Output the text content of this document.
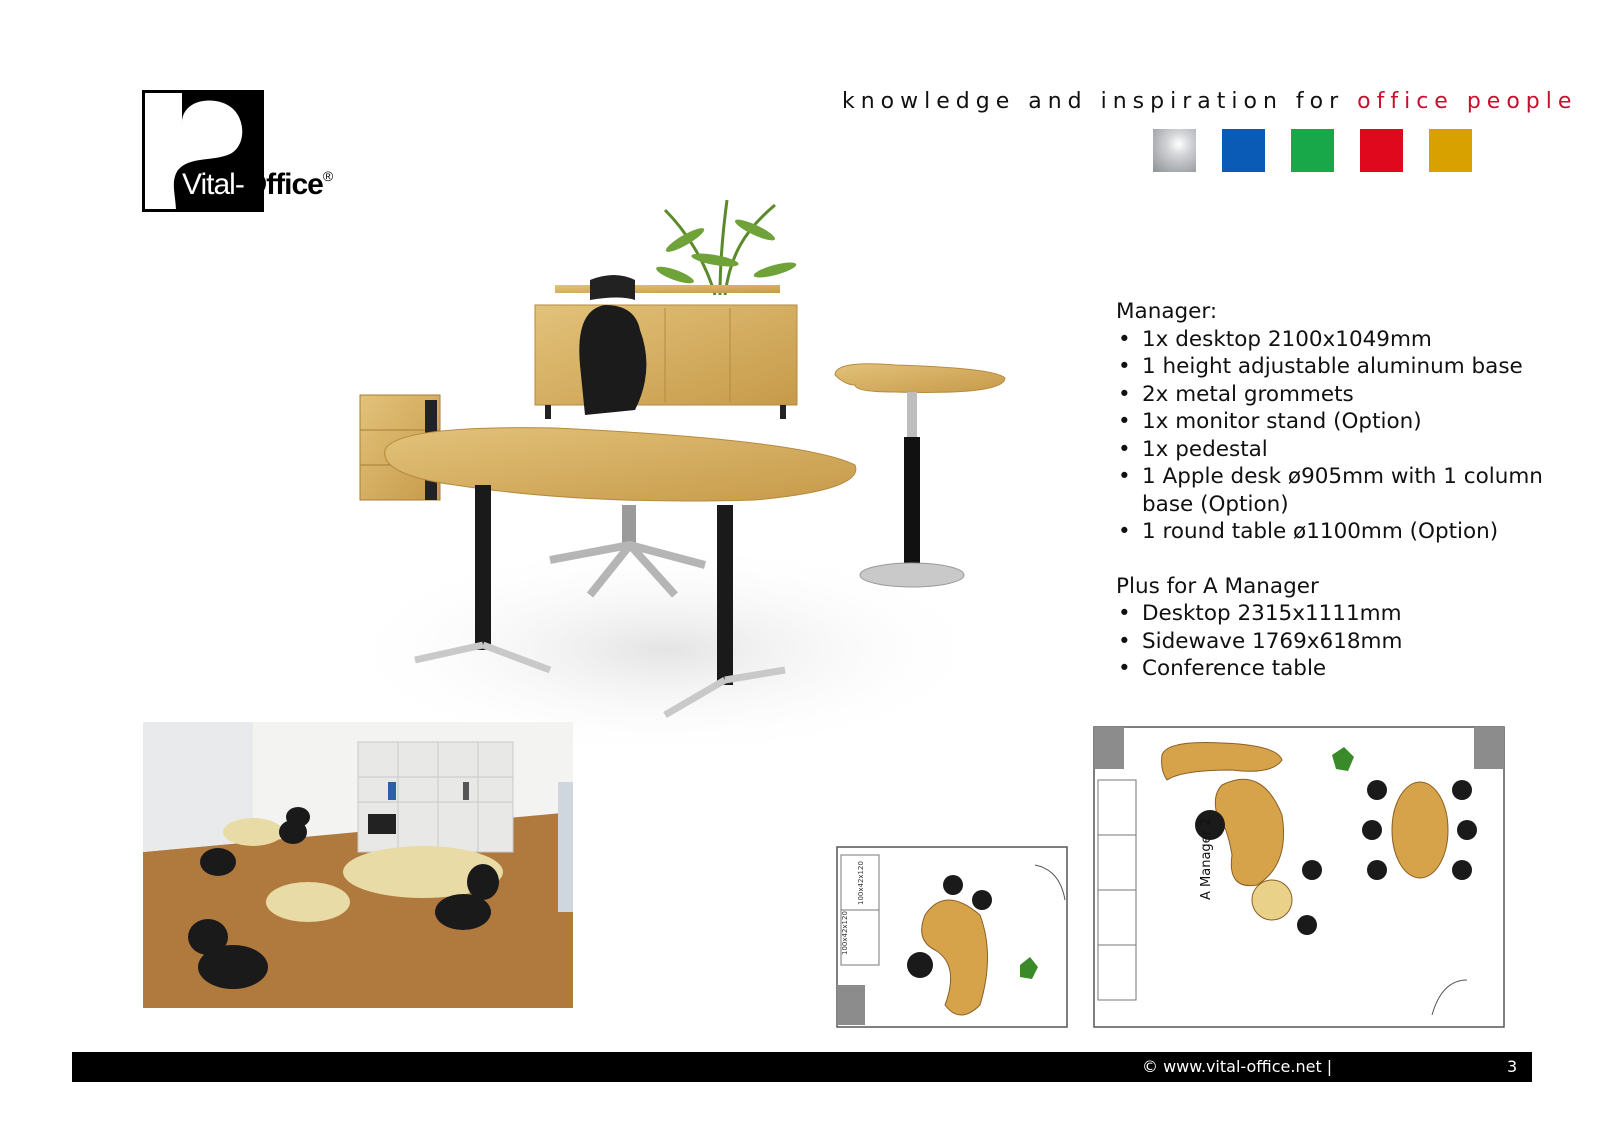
Vital-Office®
knowledge and inspiration for office people
Manager:
• 1x desktop 2100x1049mm
• 1 height adjustable aluminum base
• 2x metal grommets
• 1x monitor stand (Option)
• 1x pedestal
• 1 Apple desk ø905mm with 1 column base (Option)
• 1 round table ø1100mm (Option)
Plus for A Manager
• Desktop 2315x1111mm
• Sidewave 1769x618mm
• Conference table
100x42x120
100x42x120	A Manager 2
© www.vital-office.net |	3
